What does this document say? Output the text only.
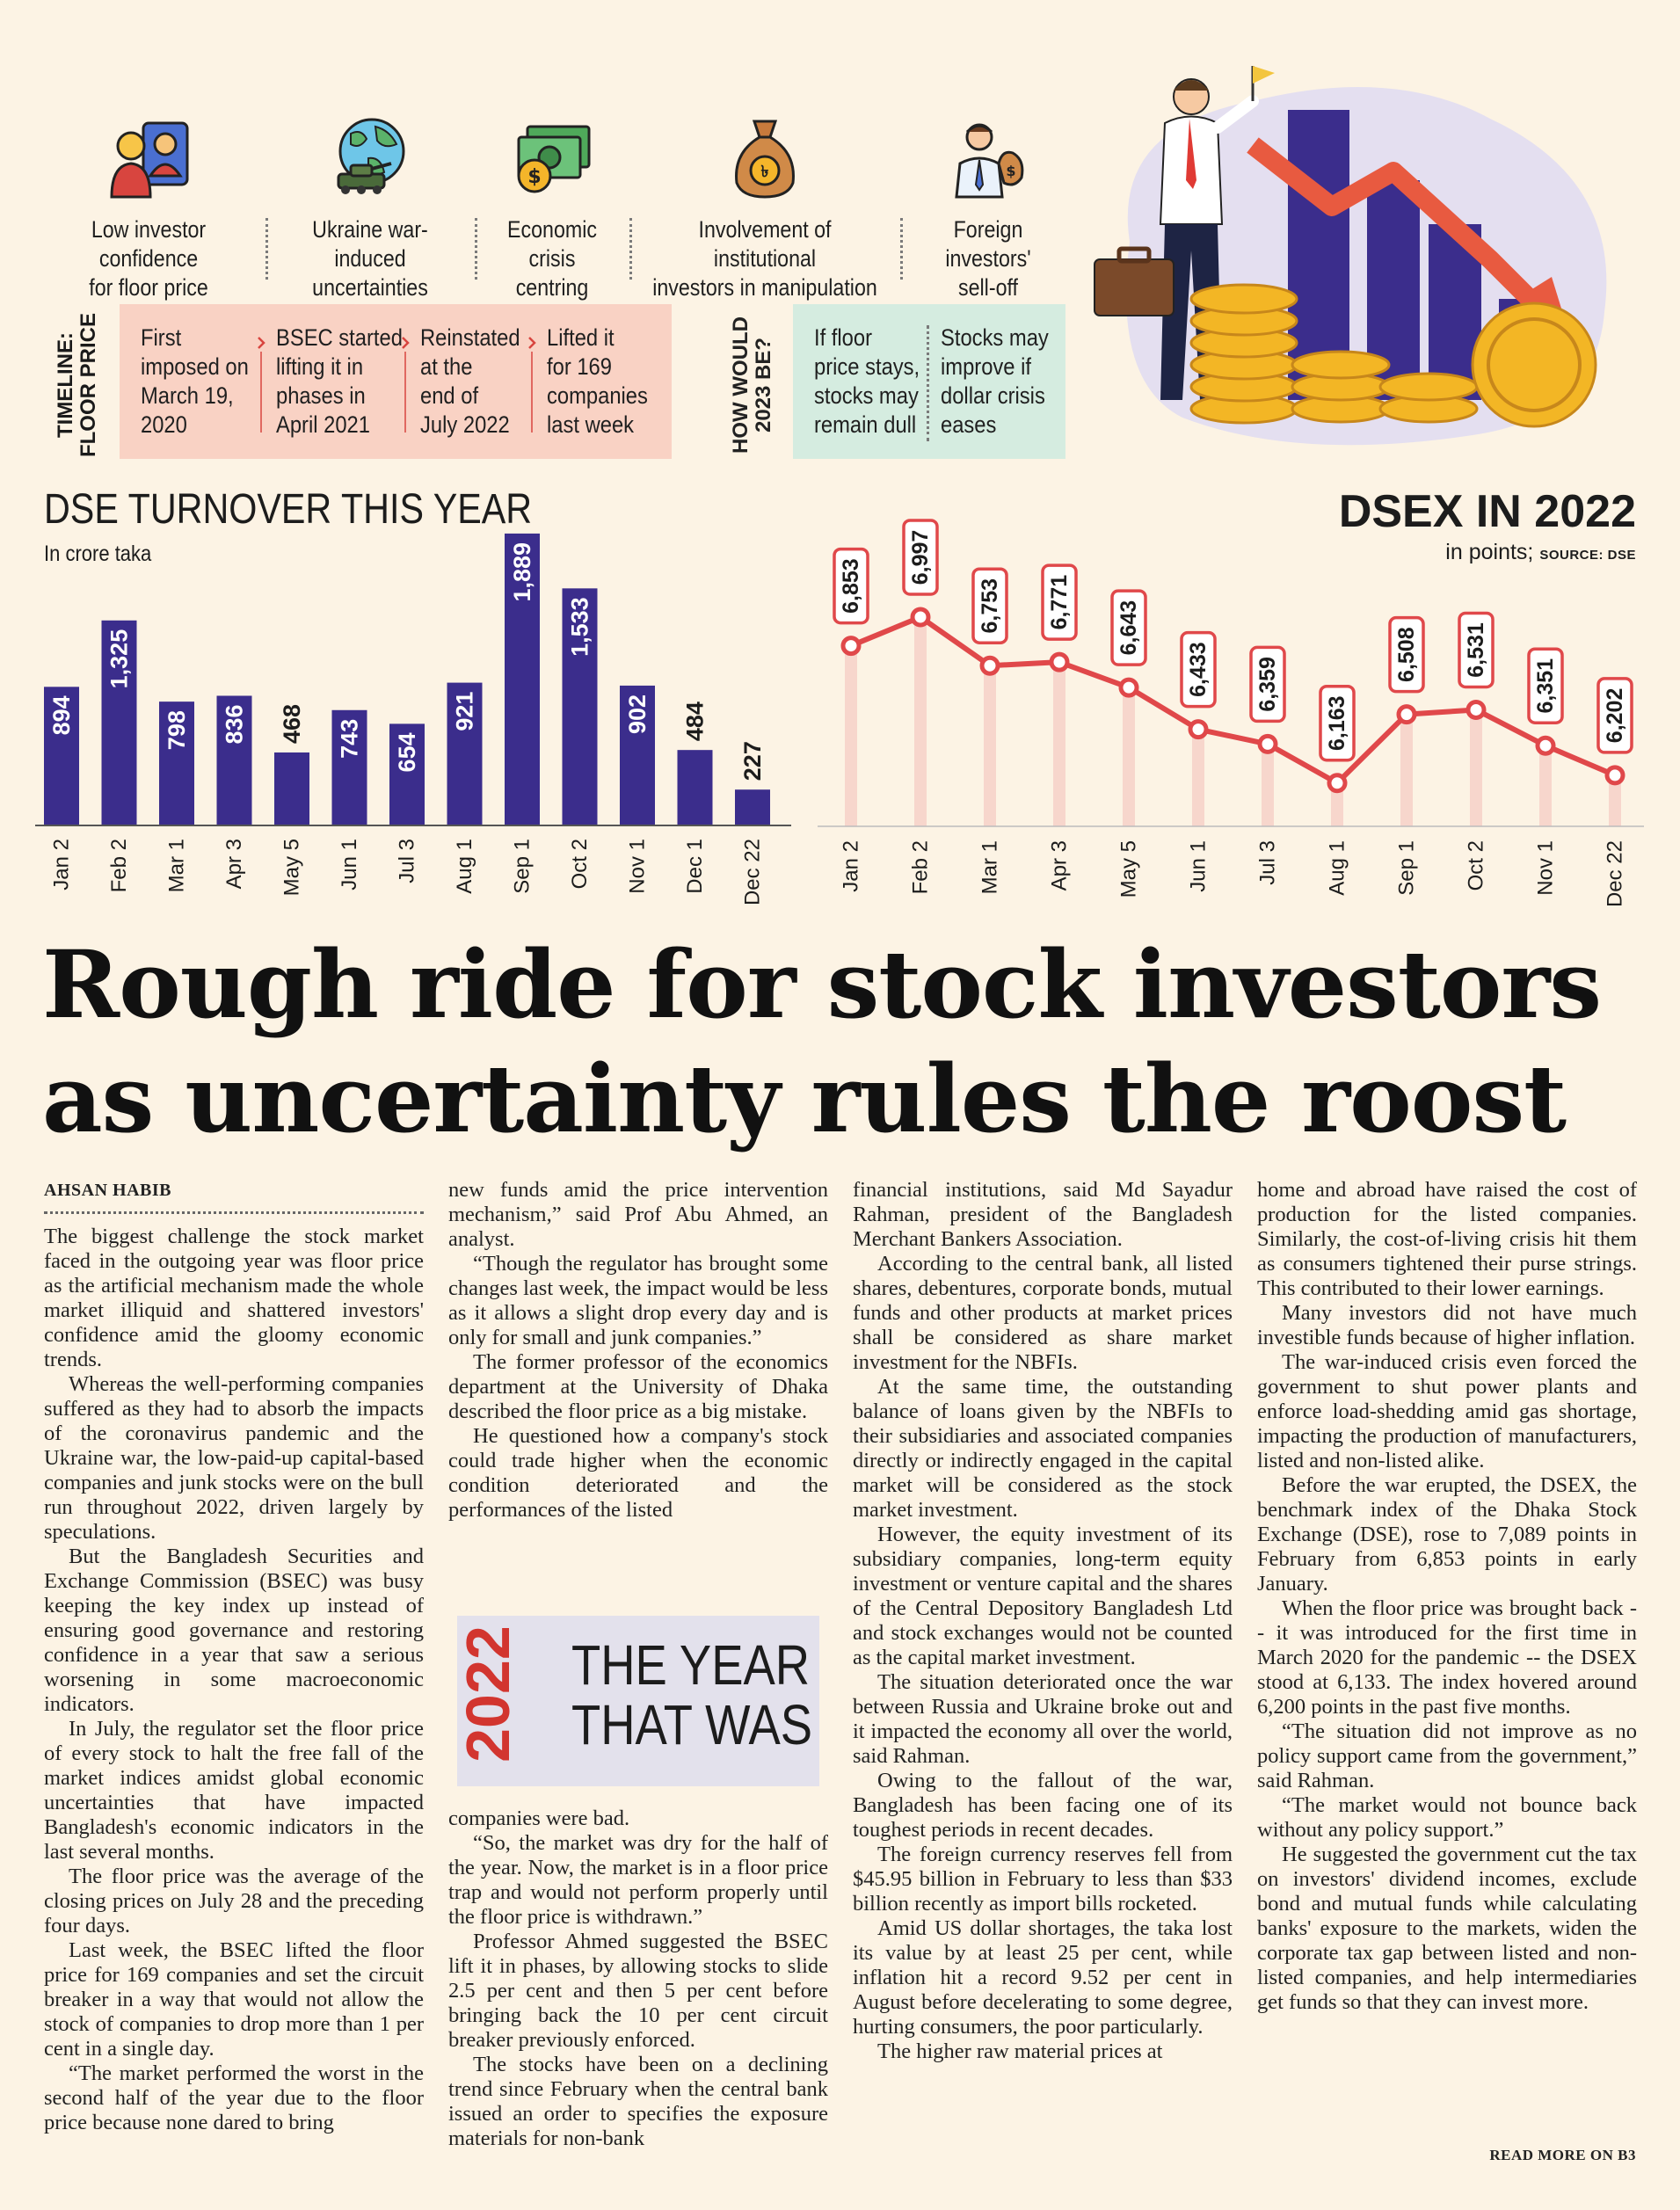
Low investor confidence
for floor price
Ukraine war-induced
uncertainties
$
Economic crisis
centring
৳
Involvement of institutional
investors in manipulation
$
Foreign investors'
sell-off
TIMELINE: FLOOR PRICE First
imposed on
March 19,
2020
BSEC started
lifting it in
phases in
April 2021
Reinstated
at the
end of
July 2022
Lifted it
for 169
companies
last week	HOW WOULD 2023 BE? If floor
price stays,
stocks may
remain dull
Stocks may
improve if
dollar crisis
eases
DSE TURNOVER THIS YEAR
In crore taka
894
Jan 2
1,325
Feb 2
798
Mar 1
836
Apr 3
468
May 5
743
Jun 1
654
Jul 3
921
Aug 1
1,889
Sep 1
1,533
Oct 2
902
Nov 1
484
Dec 1
227
Dec 22
DSEX IN 2022
in points; SOURCE: DSE
6,853
Jan 2
6,997
Feb 2
6,753
Mar 1
6,771
Apr 3
6,643
May 5
6,433
Jun 1
6,359
Jul 3
6,163
Aug 1
6,508
Sep 1
6,531
Oct 2
6,351
Nov 1
6,202
Dec 22
Rough ride for stock investors
as uncertainty rules the roost
AHSAN HABIB

The biggest challenge the stock market faced in the outgoing year was floor price as the artificial mechanism made the whole market illiquid and shattered investors' confidence amid the gloomy economic trends.

Whereas the well-performing companies suffered as they had to absorb the impacts of the coronavirus pandemic and the Ukraine war, the low-paid-up capital-based companies and junk stocks were on the bull run throughout 2022, driven largely by speculations.

But the Bangladesh Securities and Exchange Commission (BSEC) was busy keeping the key index up instead of ensuring good governance and restoring confidence in a year that saw a serious worsening in some macroeconomic indicators.

In July, the regulator set the floor price of every stock to halt the free fall of the market indices amidst global economic uncertainties that have impacted Bangladesh's economic indicators in the last several months.

The floor price was the average of the closing prices on July 28 and the preceding four days.

Last week, the BSEC lifted the floor price for 169 companies and set the circuit breaker in a way that would not allow the stock of companies to drop more than 1 per cent in a single day.

“The market performed the worst in the second half of the year due to the floor price because none dared to bring

new funds amid the price intervention mechanism,” said Prof Abu Ahmed, an analyst.

“Though the regulator has brought some changes last week, the impact would be less as it allows a slight drop every day and is only for small and junk companies.”

The former professor of the economics department at the University of Dhaka described the floor price as a big mistake.

He questioned how a company's stock could trade higher when the economic condition deteriorated and the performances of the listed

2022 THE YEAR
THAT WAS

companies were bad.

“So, the market was dry for the half of the year. Now, the market is in a floor price trap and would not perform properly until the floor price is withdrawn.”

Professor Ahmed suggested the BSEC lift it in phases, by allowing stocks to slide 2.5 per cent and then 5 per cent before bringing back the 10 per cent circuit breaker previously enforced.

The stocks have been on a declining trend since February when the central bank issued an order to specifies the exposure materials for non-bank

financial institutions, said Md Sayadur Rahman, president of the Bangladesh Merchant Bankers Association.

According to the central bank, all listed shares, debentures, corporate bonds, mutual funds and other products at market prices shall be considered as share market investment for the NBFIs.

At the same time, the outstanding balance of loans given by the NBFIs to their subsidiaries and associated companies directly or indirectly engaged in the capital market will be considered as the stock market investment.

However, the equity investment of its subsidiary companies, long-term equity investment or venture capital and the shares of the Central Depository Bangladesh Ltd and stock exchanges would not be counted as the capital market investment.

The situation deteriorated once the war between Russia and Ukraine broke out and it impacted the economy all over the world, said Rahman.

Owing to the fallout of the war, Bangladesh has been facing one of its toughest periods in recent decades.

The foreign currency reserves fell from $45.95 billion in February to less than $33 billion recently as import bills rocketed.

Amid US dollar shortages, the taka lost its value by at least 25 per cent, while inflation hit a record 9.52 per cent in August before decelerating to some degree, hurting consumers, the poor particularly.

The higher raw material prices at

home and abroad have raised the cost of production for the listed companies. Similarly, the cost-of-living crisis hit them as consumers tightened their purse strings. This contributed to their lower earnings.

Many investors did not have much investible funds because of higher inflation.

The war-induced crisis even forced the government to shut power plants and enforce load-shedding amid gas shortage, impacting the production of manufacturers, listed and non-listed alike.

Before the war erupted, the DSEX, the benchmark index of the Dhaka Stock Exchange (DSE), rose to 7,089 points in February from 6,853 points in early January.

When the floor price was brought back -- it was introduced for the first time in March 2020 for the pandemic -- the DSEX stood at 6,133. The index hovered around 6,200 points in the past five months.

“The situation did not improve as no policy support came from the government,” said Rahman.

“The market would not bounce back without any policy support.”

He suggested the government cut the tax on investors' dividend incomes, exclude bond and mutual funds while calculating banks' exposure to the markets, widen the corporate tax gap between listed and non-listed companies, and help intermediaries get funds so that they can invest more.

READ MORE ON B3
